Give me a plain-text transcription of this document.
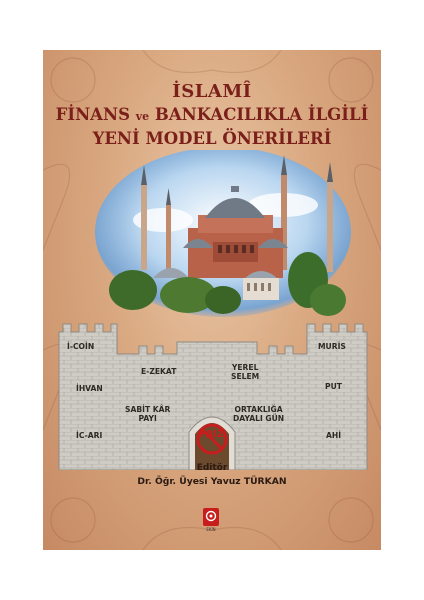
İSLAMÎ
FİNANS ve BANKACILIKLA İLGİLİ
YENİ MODEL ÖNERİLERİ
İ-COİN	MURİS
E-ZEKAT	YEREL
SELEM
İHVAN	PUT
SABİT KÂR
PAYI
ORTAKLIĞA
DAYALI GÜN
İC-ARI	AHİ
FAİZ
Editör
Dr. Öğr. Üyesi Yavuz TÜRKAN
EKİN
